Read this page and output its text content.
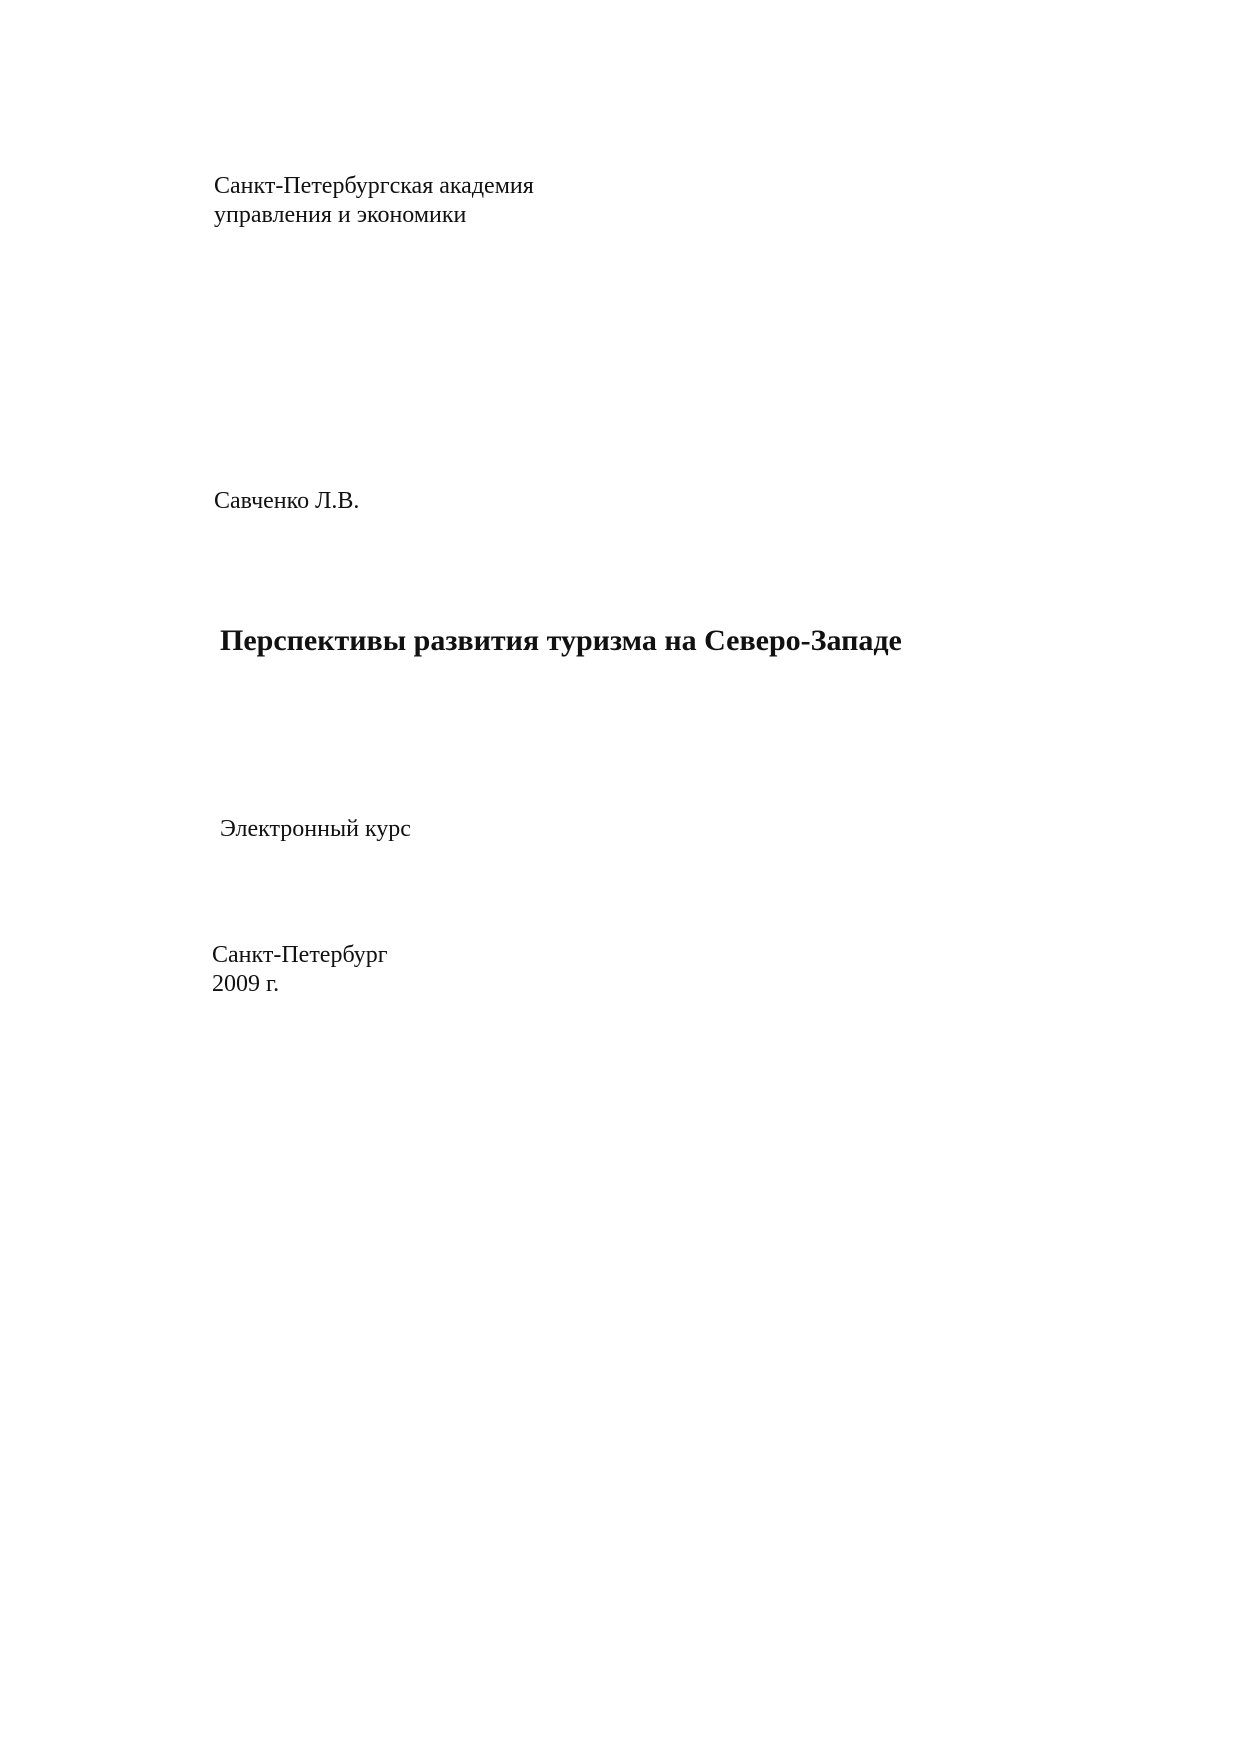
Санкт-Петербургская академия
управления и экономики
Савченко Л.В.
Перспективы развития туризма на Северо-Западе
Электронный курс
Санкт-Петербург
2009 г.
